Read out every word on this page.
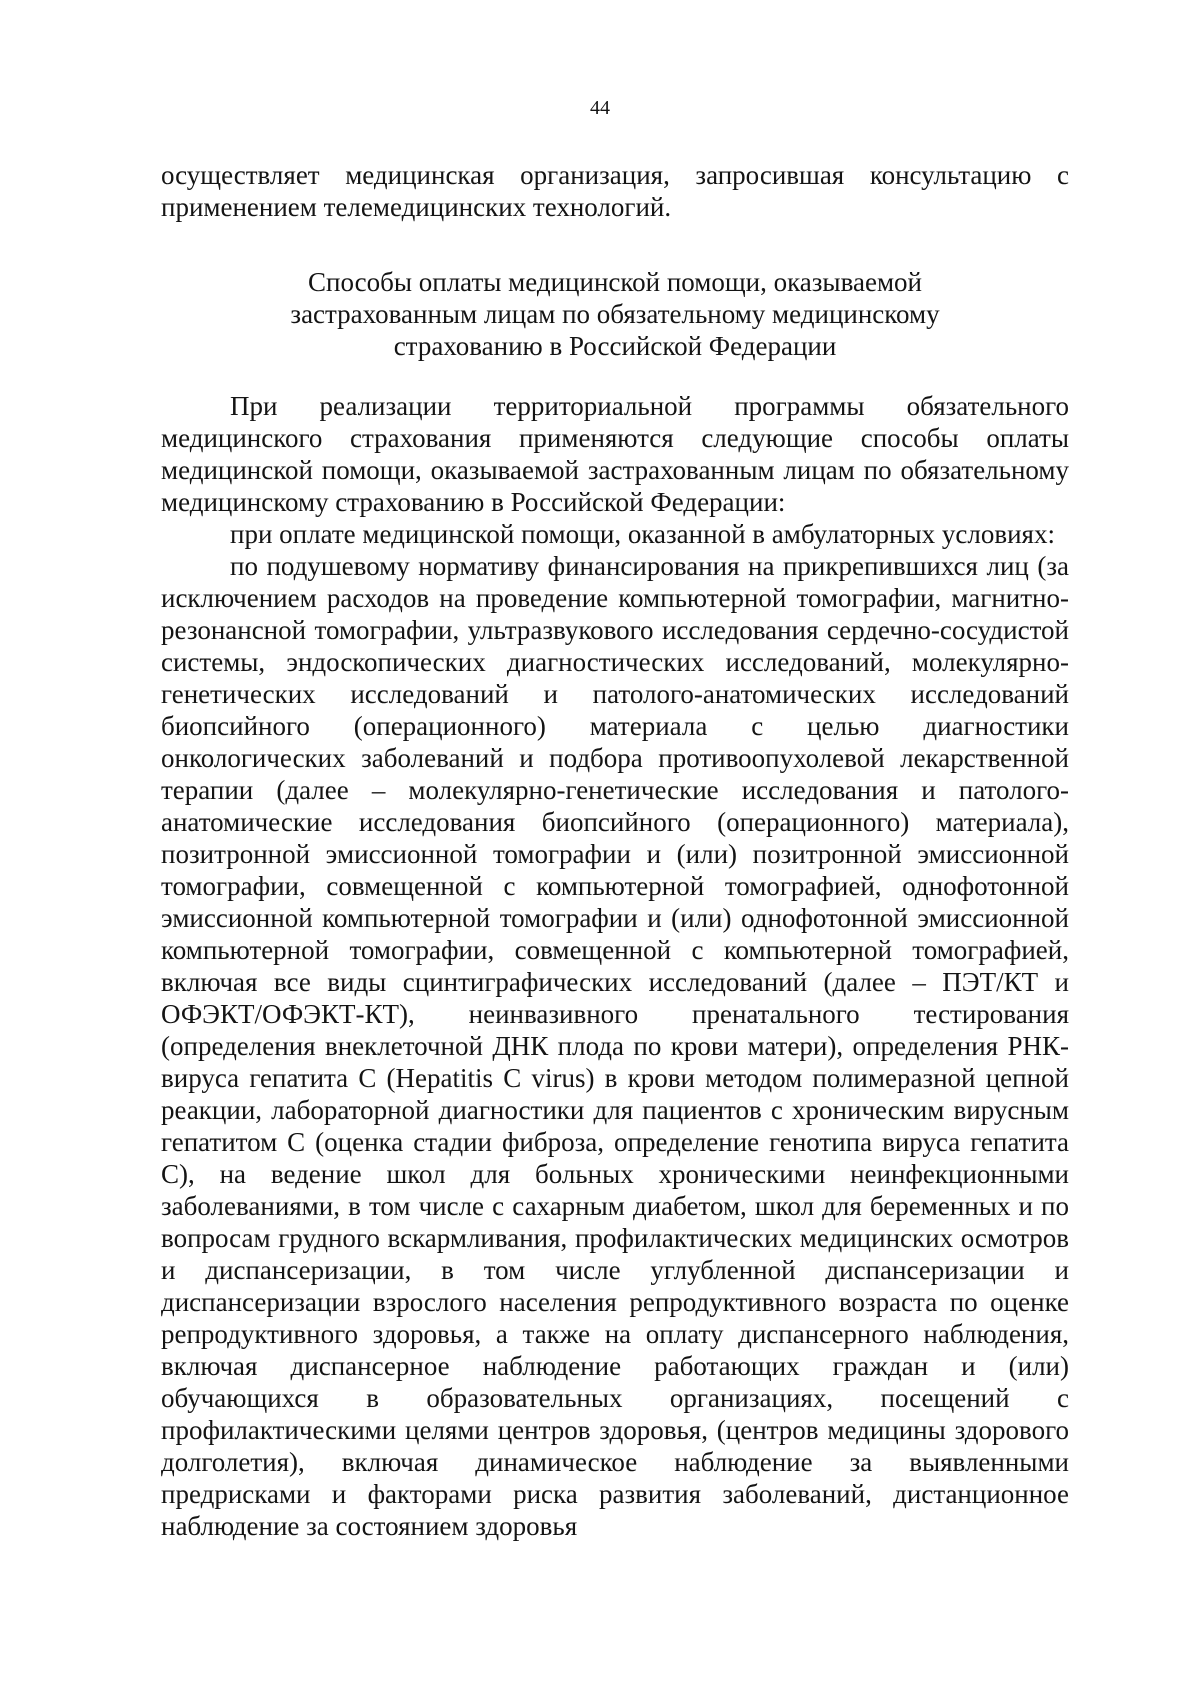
44

осуществляет медицинская организация, запросившая консультацию с применением телемедицинских технологий.

Способы оплаты медицинской помощи, оказываемой
застрахованным лицам по обязательному медицинскому
страхованию в Российской Федерации

При реализации территориальной программы обязательного медицинского страхования применяются следующие способы оплаты медицинской помощи, оказываемой застрахованным лицам по обязательному медицинскому страхованию в Российской Федерации:

при оплате медицинской помощи, оказанной в амбулаторных условиях:

по подушевому нормативу финансирования на прикрепившихся лиц (за исключением расходов на проведение компьютерной томографии, магнитно-резонансной томографии, ультразвукового исследования сердечно-сосудистой системы, эндоскопических диагностических исследований, молекулярно-генетических исследований и патолого-анатомических исследований биопсийного (операционного) материала с целью диагностики онкологических заболеваний и подбора противоопухолевой лекарственной терапии (далее – молекулярно-генетические исследования и патолого-анатомические исследования биопсийного (операционного) материала), позитронной эмиссионной томографии и (или) позитронной эмиссионной томографии, совмещенной с компьютерной томографией, однофотонной эмиссионной компьютерной томографии и (или) однофотонной эмиссионной компьютерной томографии, совмещенной с компьютерной томографией, включая все виды сцинтиграфических исследований (далее – ПЭТ/КТ и ОФЭКТ/ОФЭКТ-КТ), неинвазивного пренатального тестирования (определения внеклеточной ДНК плода по крови матери), определения РНК-вируса гепатита C (Hepatitis C virus) в крови методом полимеразной цепной реакции, лабораторной диагностики для пациентов с хроническим вирусным гепатитом С (оценка стадии фиброза, определение генотипа вируса гепатита С), на ведение школ для больных хроническими неинфекционными заболеваниями, в том числе с сахарным диабетом, школ для беременных и по вопросам грудного вскармливания, профилактических медицинских осмотров и диспансеризации, в том числе углубленной диспансеризации и диспансеризации взрослого населения репродуктивного возраста по оценке репродуктивного здоровья, а также на оплату диспансерного наблюдения, включая диспансерное наблюдение работающих граждан и (или) обучающихся в образовательных организациях, посещений с профилактическими целями центров здоровья, (центров медицины здорового долголетия), включая динамическое наблюдение за выявленными предрисками и факторами риска развития заболеваний, дистанционное наблюдение за состоянием здоровья
